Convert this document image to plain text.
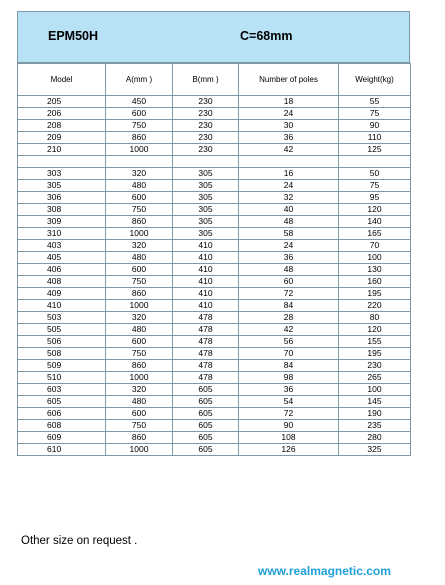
EPM50H	C=68mm
Model	A(mm )	B(mm )	Number of poles	Weight(kg)
205	450	230	18	55
206	600	230	24	75
208	750	230	30	90
209	860	230	36	110
210	1000	230	42	125

303	320	305	16	50
305	480	305	24	75
306	600	305	32	95
308	750	305	40	120
309	860	305	48	140
310	1000	305	58	165
403	320	410	24	70
405	480	410	36	100
406	600	410	48	130
408	750	410	60	160
409	860	410	72	195
410	1000	410	84	220
503	320	478	28	80
505	480	478	42	120
506	600	478	56	155
508	750	478	70	195
509	860	478	84	230
510	1000	478	98	265
603	320	605	36	100
605	480	605	54	145
606	600	605	72	190
608	750	605	90	235
609	860	605	108	280
610	1000	605	126	325
Other size on request .
www.realmagnetic.com
